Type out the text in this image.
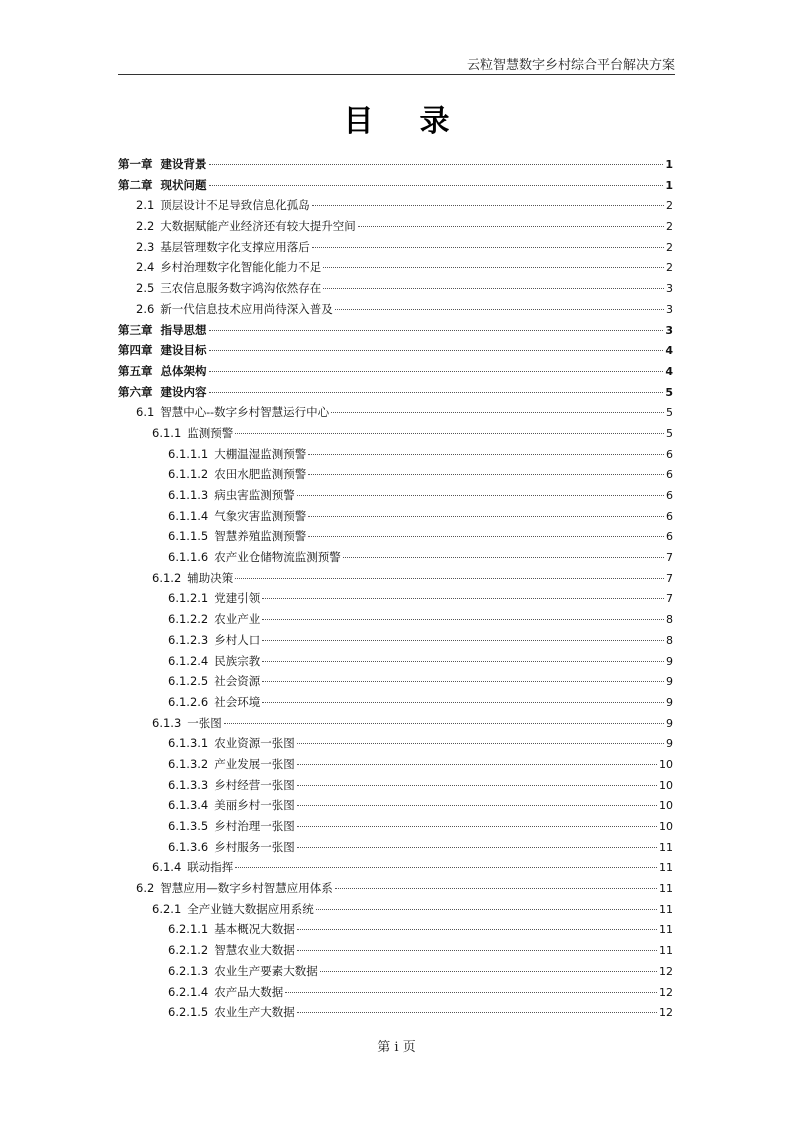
云粒智慧数字乡村综合平台解决方案
目 录
第一章 建设背景	1
第二章 现状问题	1
2.1 顶层设计不足导致信息化孤岛	2
2.2 大数据赋能产业经济还有较大提升空间	2
2.3 基层管理数字化支撑应用落后	2
2.4 乡村治理数字化智能化能力不足	2
2.5 三农信息服务数字鸿沟依然存在	3
2.6 新一代信息技术应用尚待深入普及	3
第三章 指导思想	3
第四章 建设目标	4
第五章 总体架构	4
第六章 建设内容	5
6.1 智慧中心--数字乡村智慧运行中心	5
6.1.1 监测预警	5
6.1.1.1 大棚温湿监测预警	6
6.1.1.2 农田水肥监测预警	6
6.1.1.3 病虫害监测预警	6
6.1.1.4 气象灾害监测预警	6
6.1.1.5 智慧养殖监测预警	6
6.1.1.6 农产业仓储物流监测预警	7
6.1.2 辅助决策	7
6.1.2.1 党建引领	7
6.1.2.2 农业产业	8
6.1.2.3 乡村人口	8
6.1.2.4 民族宗教	9
6.1.2.5 社会资源	9
6.1.2.6 社会环境	9
6.1.3 一张图	9
6.1.3.1 农业资源一张图	9
6.1.3.2 产业发展一张图	10
6.1.3.3 乡村经营一张图	10
6.1.3.4 美丽乡村一张图	10
6.1.3.5 乡村治理一张图	10
6.1.3.6 乡村服务一张图	11
6.1.4 联动指挥	11
6.2 智慧应用—数字乡村智慧应用体系	11
6.2.1 全产业链大数据应用系统	11
6.2.1.1 基本概况大数据	11
6.2.1.2 智慧农业大数据	11
6.2.1.3 农业生产要素大数据	12
6.2.1.4 农产品大数据	12
6.2.1.5 农业生产大数据	12
第 i 页
